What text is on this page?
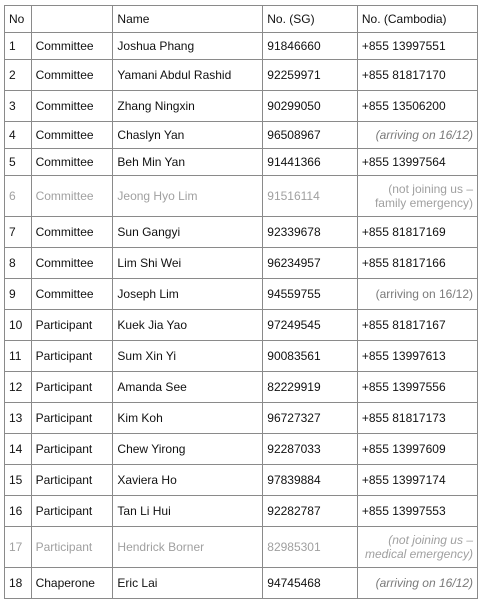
No		Name	No. (SG)	No. (Cambodia)
1	Committee	Joshua Phang	91846660	+855 13997551
2	Committee	Yamani Abdul Rashid	92259971	+855 81817170
3	Committee	Zhang Ningxin	90299050	+855 13506200
4	Committee	Chaslyn Yan	96508967	(arriving on 16/12)
5	Committee	Beh Min Yan	91441366	+855 13997564
6	Committee	Jeong Hyo Lim	91516114	(not joining us –
family emergency)
7	Committee	Sun Gangyi	92339678	+855 81817169
8	Committee	Lim Shi Wei	96234957	+855 81817166
9	Committee	Joseph Lim	94559755	(arriving on 16/12)
10	Participant	Kuek Jia Yao	97249545	+855 81817167
11	Participant	Sum Xin Yi	90083561	+855 13997613
12	Participant	Amanda See	82229919	+855 13997556
13	Participant	Kim Koh	96727327	+855 81817173
14	Participant	Chew Yirong	92287033	+855 13997609
15	Participant	Xaviera Ho	97839884	+855 13997174
16	Participant	Tan Li Hui	92282787	+855 13997553
17	Participant	Hendrick Borner	82985301	(not joining us –
medical emergency)
18	Chaperone	Eric Lai	94745468	(arriving on 16/12)
